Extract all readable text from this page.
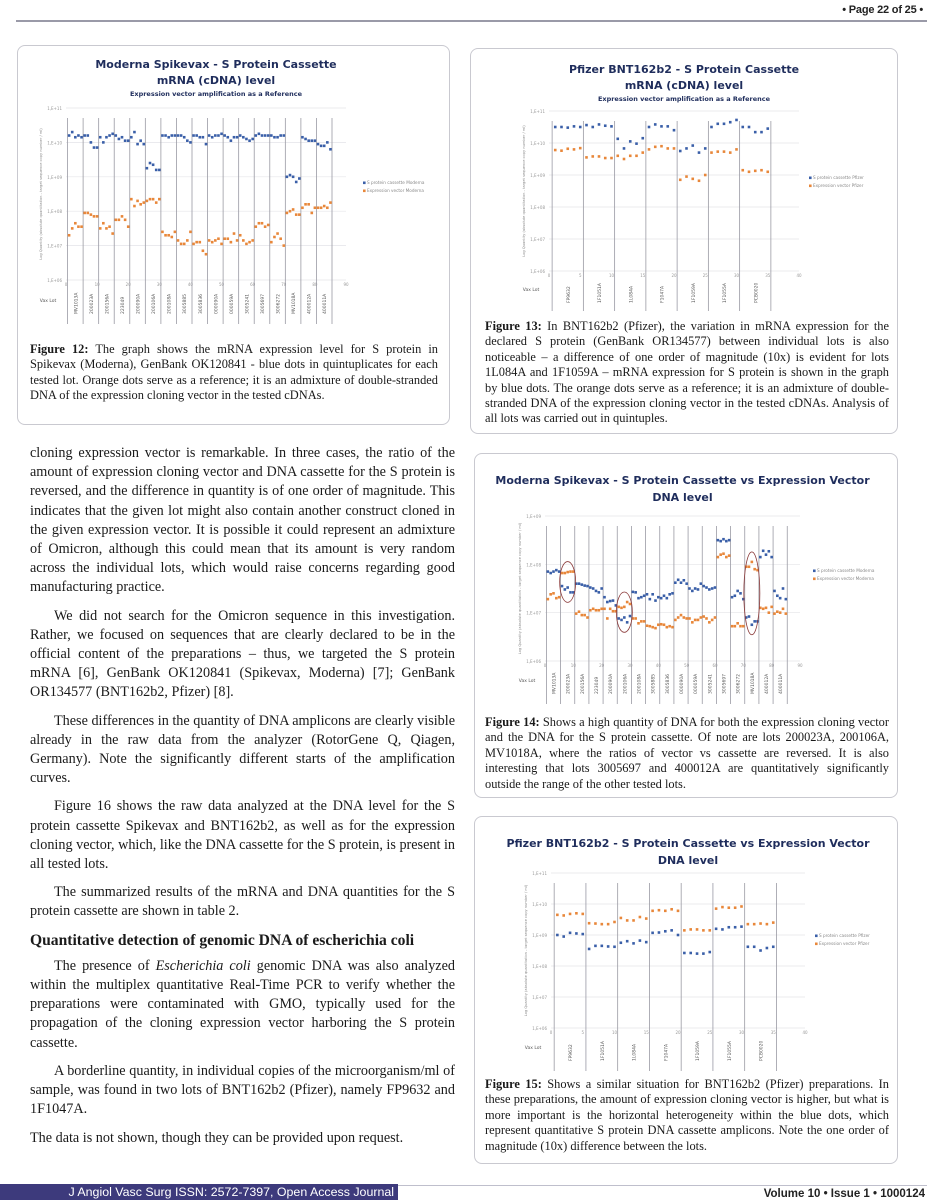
• Page 22 of 25 •
Moderna Spikevax - S Protein Cassette
mRNA (cDNA) level
Expression vector amplification as a Reference
1,E+06
1,E+07
1,E+08
1,E+09
1,E+10
1,E+11
0	10	20	30	40	50	60	70	80	90
Log Quantity (absolute quantitation - target sequence copy number / ml)
MV1013A 200023A 200156A 223049 200090A 200106A 200108A 3005885 3005836 000090A 000059A 3005241 3005697 3006272 MV1018A 400012A 400011A
Vax Lot
S protein cassette Moderna
Expression vector Moderna
Figure 12: The graph shows the mRNA expression level for S protein in Spikevax (Moderna), GenBank OK120841 - blue dots in quintuplicates for each tested lot. Orange dots serve as a reference; it is an admixture of double-stranded DNA of the expression cloning vector in the tested cDNAs.
Pfizer BNT162b2 - S Protein Cassette
mRNA (cDNA) level
Expression vector amplification as a Reference
1,E+06
1,E+07
1,E+08
1,E+09
1,E+10
1,E+11
0	5	10	15	20	25	30	35	40
Log Quantity (absolute quantitation - target sequence copy number / ml)
FP9632	1F1051A	1L084A	F1047A	1F1059A	1F1055A	PCB0020
Vax Lot
S protein cassette Pfizer
Expression vector Pfizer
Figure 13: In BNT162b2 (Pfizer), the variation in mRNA expression for the declared S protein (GenBank OR134577) between individual lots is also noticeable – a difference of one order of magnitude (10x) is evident for lots 1L084A and 1F1059A – mRNA expression for S protein is shown in the graph by blue dots. The orange dots serve as a reference; it is an admixture of double-stranded DNA of the expression cloning vector in the tested cDNAs. Analysis of all lots was carried out in quintuples.
Moderna Spikevax - S Protein Cassette vs Expression Vector
DNA level
1,E+06
1,E+07
1,E+08
1,E+09
0	10	20	30	40	50	60	70	80	90
Log Quantity (absolute quantitation - target sequence copy number / ml)
MV1013A 200023A 200156A 223049 200090A 200106A 200108A 3005885 3005836 000090A 000059A 3005241 3005697 3006272 MV1018A 400012A 400011A
Vax Lot
S protein cassette Moderna
Expression vector Moderna
Figure 14: Shows a high quantity of DNA for both the expression cloning vector and the DNA for the S protein cassette. Of note are lots 200023A, 200106A, MV1018A, where the ratios of vector vs cassette are reversed. It is also interesting that lots 3005697 and 400012A are quantitatively significantly outside the range of the other tested lots.
Pfizer BNT162b2 - S Protein Cassette vs Expression Vector
DNA level
1,E+06
1,E+07
1,E+08
1,E+09
1,E+10
1,E+11
0	5	10	15	20	25	30	35	40
Log Quantity (absolute quantitation - target sequence copy number / ml)
FP9632	1F1051A	1L084A	F1047A	1F1059A	1F1055A	PCB0020
Vax Lot
S protein cassette Pfizer
Expression vector Pfizer
Figure 15: Shows a similar situation for BNT162b2 (Pfizer) preparations. In these preparations, the amount of expression cloning vector is higher, but what is more important is the horizontal heterogeneity within the blue dots, which represent quantitative S protein DNA cassette amplicons. Note the one order of magnitude (10x) difference between the lots.

cloning expression vector is remarkable. In three cases, the ratio of the amount of expression cloning vector and DNA cassette for the S protein is reversed, and the difference in quantity is of one order of magnitude. This indicates that the given lot might also contain another construct cloned in the given expression vector. It is possible it could represent an admixture of Omicron, although this could mean that its amount is very random across the individual lots, which would raise concerns regarding good manufacturing practice.

We did not search for the Omicron sequence in this investigation. Rather, we focused on sequences that are clearly declared to be in the official content of the preparations – thus, we targeted the S protein mRNA [6], GenBank OK120841 (Spikevax, Moderna) [7]; GenBank OR134577 (BNT162b2, Pfizer) [8].

These differences in the quantity of DNA amplicons are clearly visible already in the raw data from the analyzer (RotorGene Q, Qiagen, Germany). Note the significantly different starts of the amplification curves.

Figure 16 shows the raw data analyzed at the DNA level for the S protein cassette Spikevax and BNT162b2, as well as for the expression cloning vector, which, like the DNA cassette for the S protein, is present in all tested lots.

The summarized results of the mRNA and DNA quantities for the S protein cassette are shown in table 2.

Quantitative detection of genomic DNA of escherichia coli

The presence of Escherichia coli genomic DNA was also analyzed within the multiplex quantitative Real-Time PCR to verify whether the preparations were contaminated with GMO, typically used for the propagation of the cloning expression vector harboring the S protein cassette.

A borderline quantity, in individual copies of the microorganism/ml of sample, was found in two lots of BNT162b2 (Pfizer), namely FP9632 and 1F1047A.

The data is not shown, though they can be provided upon request.

J Angiol Vasc Surg ISSN: 2572-7397, Open Access Journal	Volume 10 • Issue 1 • 1000124
